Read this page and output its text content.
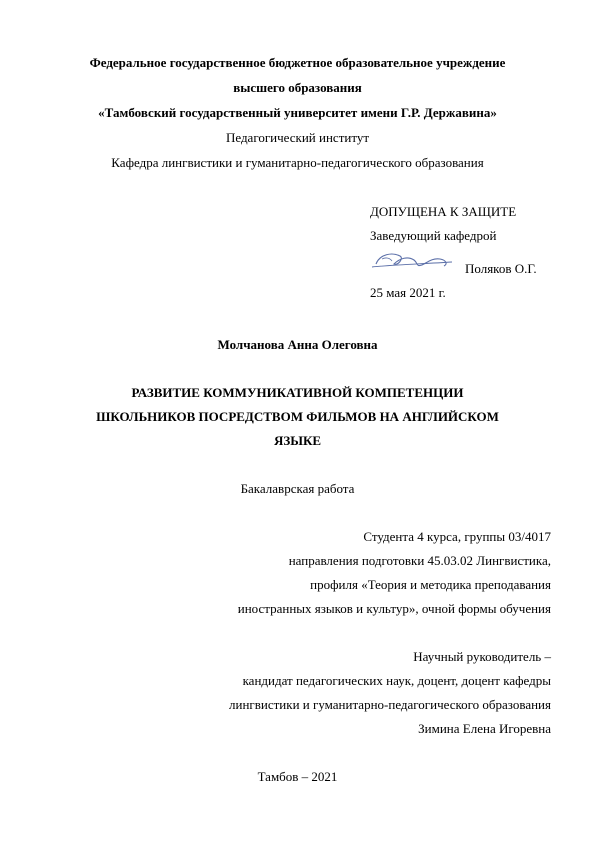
Федеральное государственное бюджетное образовательное учреждение
высшего образования
«Тамбовский государственный университет имени Г.Р. Державина»
Педагогический институт
Кафедра лингвистики и гуманитарно-педагогического образования
ДОПУЩЕНА К ЗАЩИТЕ
Заведующий кафедрой
Поляков О.Г.
25 мая 2021 г.
Молчанова Анна Олеговна
РАЗВИТИЕ КОММУНИКАТИВНОЙ КОМПЕТЕНЦИИ
ШКОЛЬНИКОВ ПОСРЕДСТВОМ ФИЛЬМОВ НА АНГЛИЙСКОМ
ЯЗЫКЕ
Бакалаврская работа
Студента 4 курса, группы 03/4017
направления подготовки 45.03.02 Лингвистика,
профиля «Теория и методика преподавания
иностранных языков и культур», очной формы обучения
Научный руководитель –
кандидат педагогических наук, доцент, доцент кафедры
лингвистики и гуманитарно-педагогического образования
Зимина Елена Игоревна
Тамбов – 2021
